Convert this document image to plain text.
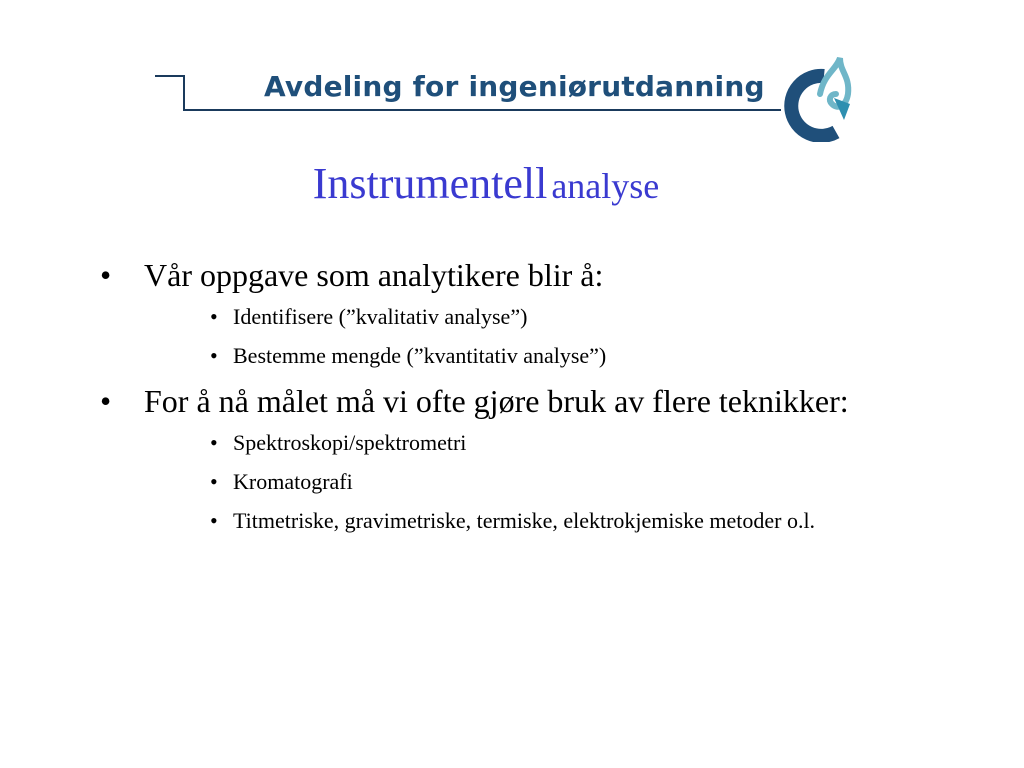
Avdeling for ingeniørutdanning
Instrumentell analyse
• Vår oppgave som analytikere blir å:
• Identifisere (”kvalitativ analyse”)
• Bestemme mengde (”kvantitativ analyse”)
• For å nå målet må vi ofte gjøre bruk av flere teknikker:
• Spektroskopi/spektrometri
• Kromatografi
• Titmetriske, gravimetriske, termiske, elektrokjemiske metoder o.l.
